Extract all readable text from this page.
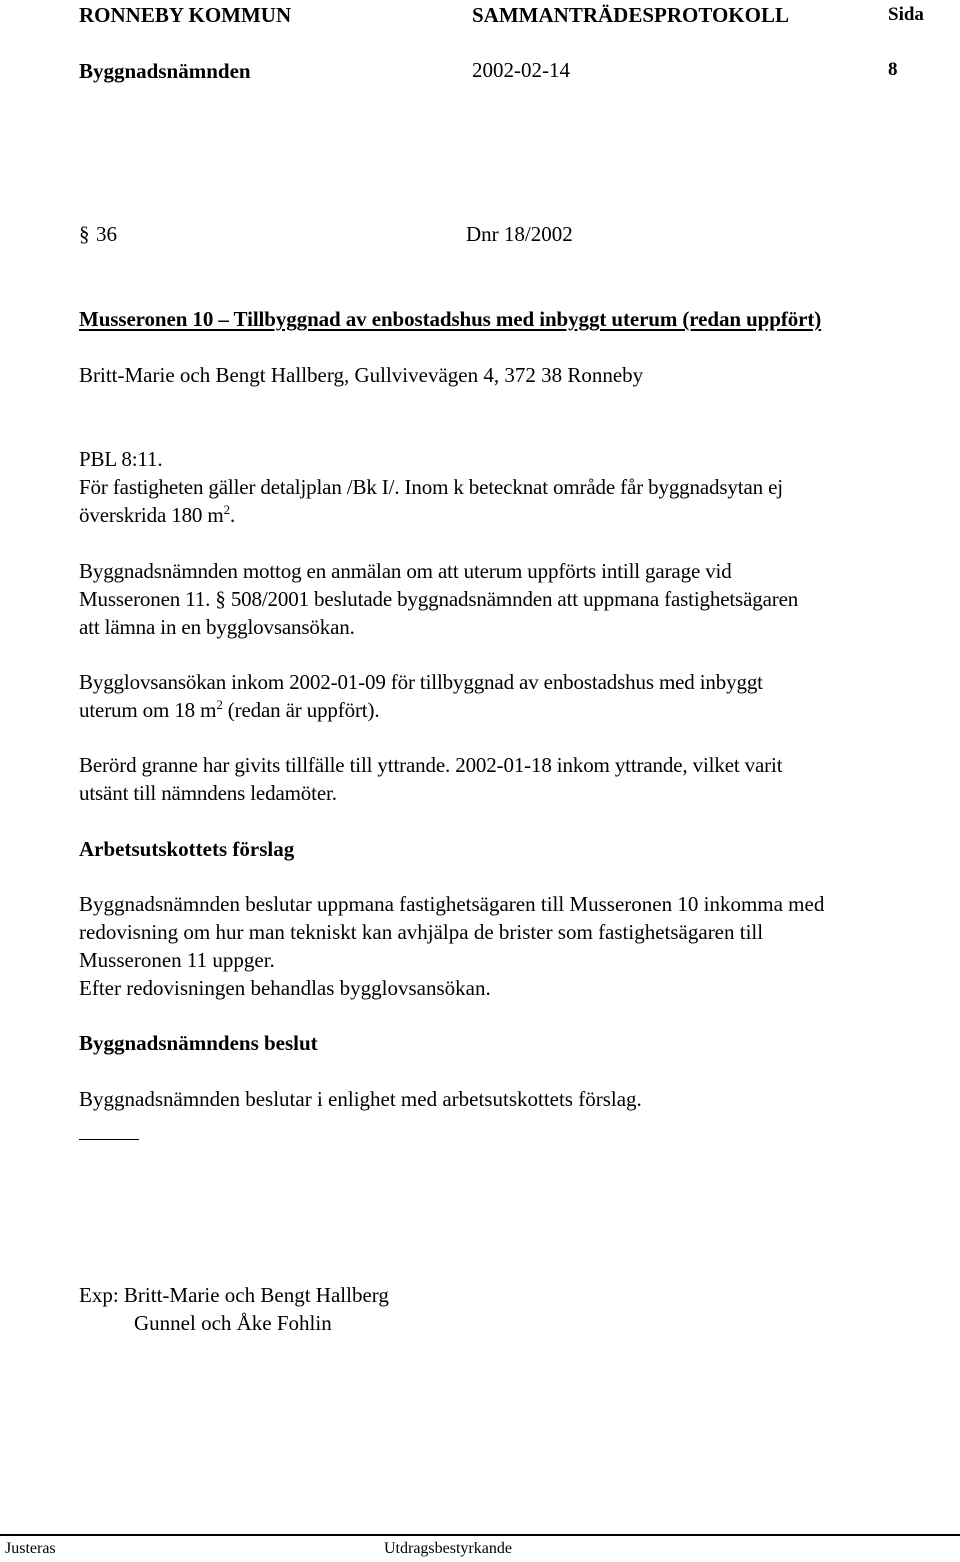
RONNEBY KOMMUN	SAMMANTRÄDESPROTOKOLL	Sida
Byggnadsnämnden	2002-02-14	8
§ 36	Dnr 18/2002
Musseronen 10 – Tillbyggnad av enbostadshus med inbyggt uterum (redan uppfört)
Britt-Marie och Bengt Hallberg, Gullvivevägen 4, 372 38 Ronneby
PBL 8:11.
För fastigheten gäller detaljplan /Bk I/. Inom k betecknat område får byggnadsytan ej
överskrida 180 $m^2$.
Byggnadsnämnden mottog en anmälan om att uterum uppförts intill garage vid
Musseronen 11. § 508/2001 beslutade byggnadsnämnden att uppmana fastighetsägaren
att lämna in en bygglovsansökan.
Bygglovsansökan inkom 2002-01-09 för tillbyggnad av enbostadshus med inbyggt
uterum om 18 $m^2$ (redan är uppfört).
Berörd granne har givits tillfälle till yttrande. 2002-01-18 inkom yttrande, vilket varit
utsänt till nämndens ledamöter.
Arbetsutskottets förslag
Byggnadsnämnden beslutar uppmana fastighetsägaren till Musseronen 10 inkomma med
redovisning om hur man tekniskt kan avhjälpa de brister som fastighetsägaren till
Musseronen 11 uppger.
Efter redovisningen behandlas bygglovsansökan.
Byggnadsnämndens beslut
Byggnadsnämnden beslutar i enlighet med arbetsutskottets förslag.
Exp: Britt-Marie och Bengt Hallberg
Gunnel och Åke Fohlin
Justeras	Utdragsbestyrkande
